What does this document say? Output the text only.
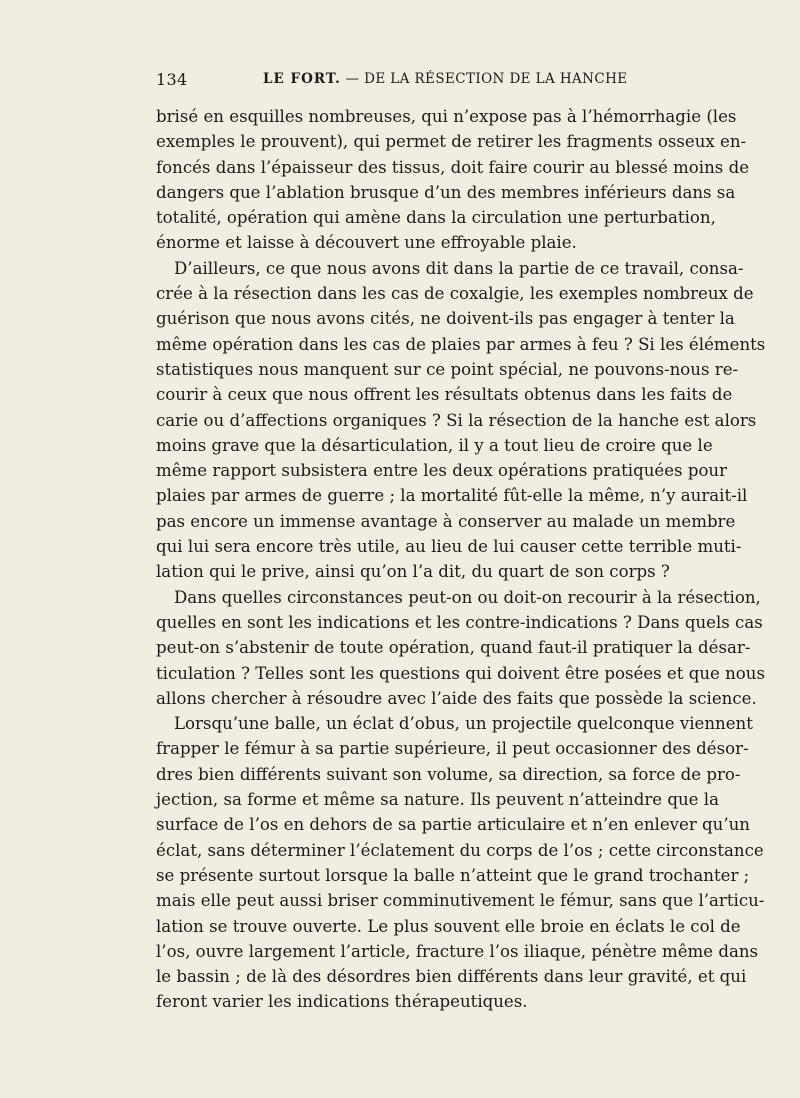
134	LE FORT. — DE LA RÉSECTION DE LA HANCHE
brisé en esquilles nombreuses, qui n’expose pas à l’hémorrhagie (les
exemples le prouvent), qui permet de retirer les fragments osseux en-
foncés dans l’épaisseur des tissus, doit faire courir au blessé moins de
dangers que l’ablation brusque d’un des membres inférieurs dans sa
totalité, opération qui amène dans la circulation une perturbation,
énorme et laisse à découvert une effroyable plaie.
D’ailleurs, ce que nous avons dit dans la partie de ce travail, consa-
crée à la résection dans les cas de coxalgie, les exemples nombreux de
guérison que nous avons cités, ne doivent-ils pas engager à tenter la
même opération dans les cas de plaies par armes à feu ? Si les éléments
statistiques nous manquent sur ce point spécial, ne pouvons-nous re-
courir à ceux que nous offrent les résultats obtenus dans les faits de
carie ou d’affections organiques ? Si la résection de la hanche est alors
moins grave que la désarticulation, il y a tout lieu de croire que le
même rapport subsistera entre les deux opérations pratiquées pour
plaies par armes de guerre ; la mortalité fût-elle la même, n’y aurait-il
pas encore un immense avantage à conserver au malade un membre
qui lui sera encore très utile, au lieu de lui causer cette terrible muti-
lation qui le prive, ainsi qu’on l’a dit, du quart de son corps ?
Dans quelles circonstances peut-on ou doit-on recourir à la résection,
quelles en sont les indications et les contre-indications ? Dans quels cas
peut-on s’abstenir de toute opération, quand faut-il pratiquer la désar-
ticulation ? Telles sont les questions qui doivent être posées et que nous
allons chercher à résoudre avec l’aide des faits que possède la science.
Lorsqu’une balle, un éclat d’obus, un projectile quelconque viennent
frapper le fémur à sa partie supérieure, il peut occasionner des désor-
dres bien différents suivant son volume, sa direction, sa force de pro-
jection, sa forme et même sa nature. Ils peuvent n’atteindre que la
surface de l’os en dehors de sa partie articulaire et n’en enlever qu’un
éclat, sans déterminer l’éclatement du corps de l’os ; cette circonstance
se présente surtout lorsque la balle n’atteint que le grand trochanter ;
mais elle peut aussi briser comminutivement le fémur, sans que l’articu-
lation se trouve ouverte. Le plus souvent elle broie en éclats le col de
l’os, ouvre largement l’article, fracture l’os iliaque, pénètre même dans
le bassin ; de là des désordres bien différents dans leur gravité, et qui
feront varier les indications thérapeutiques.
